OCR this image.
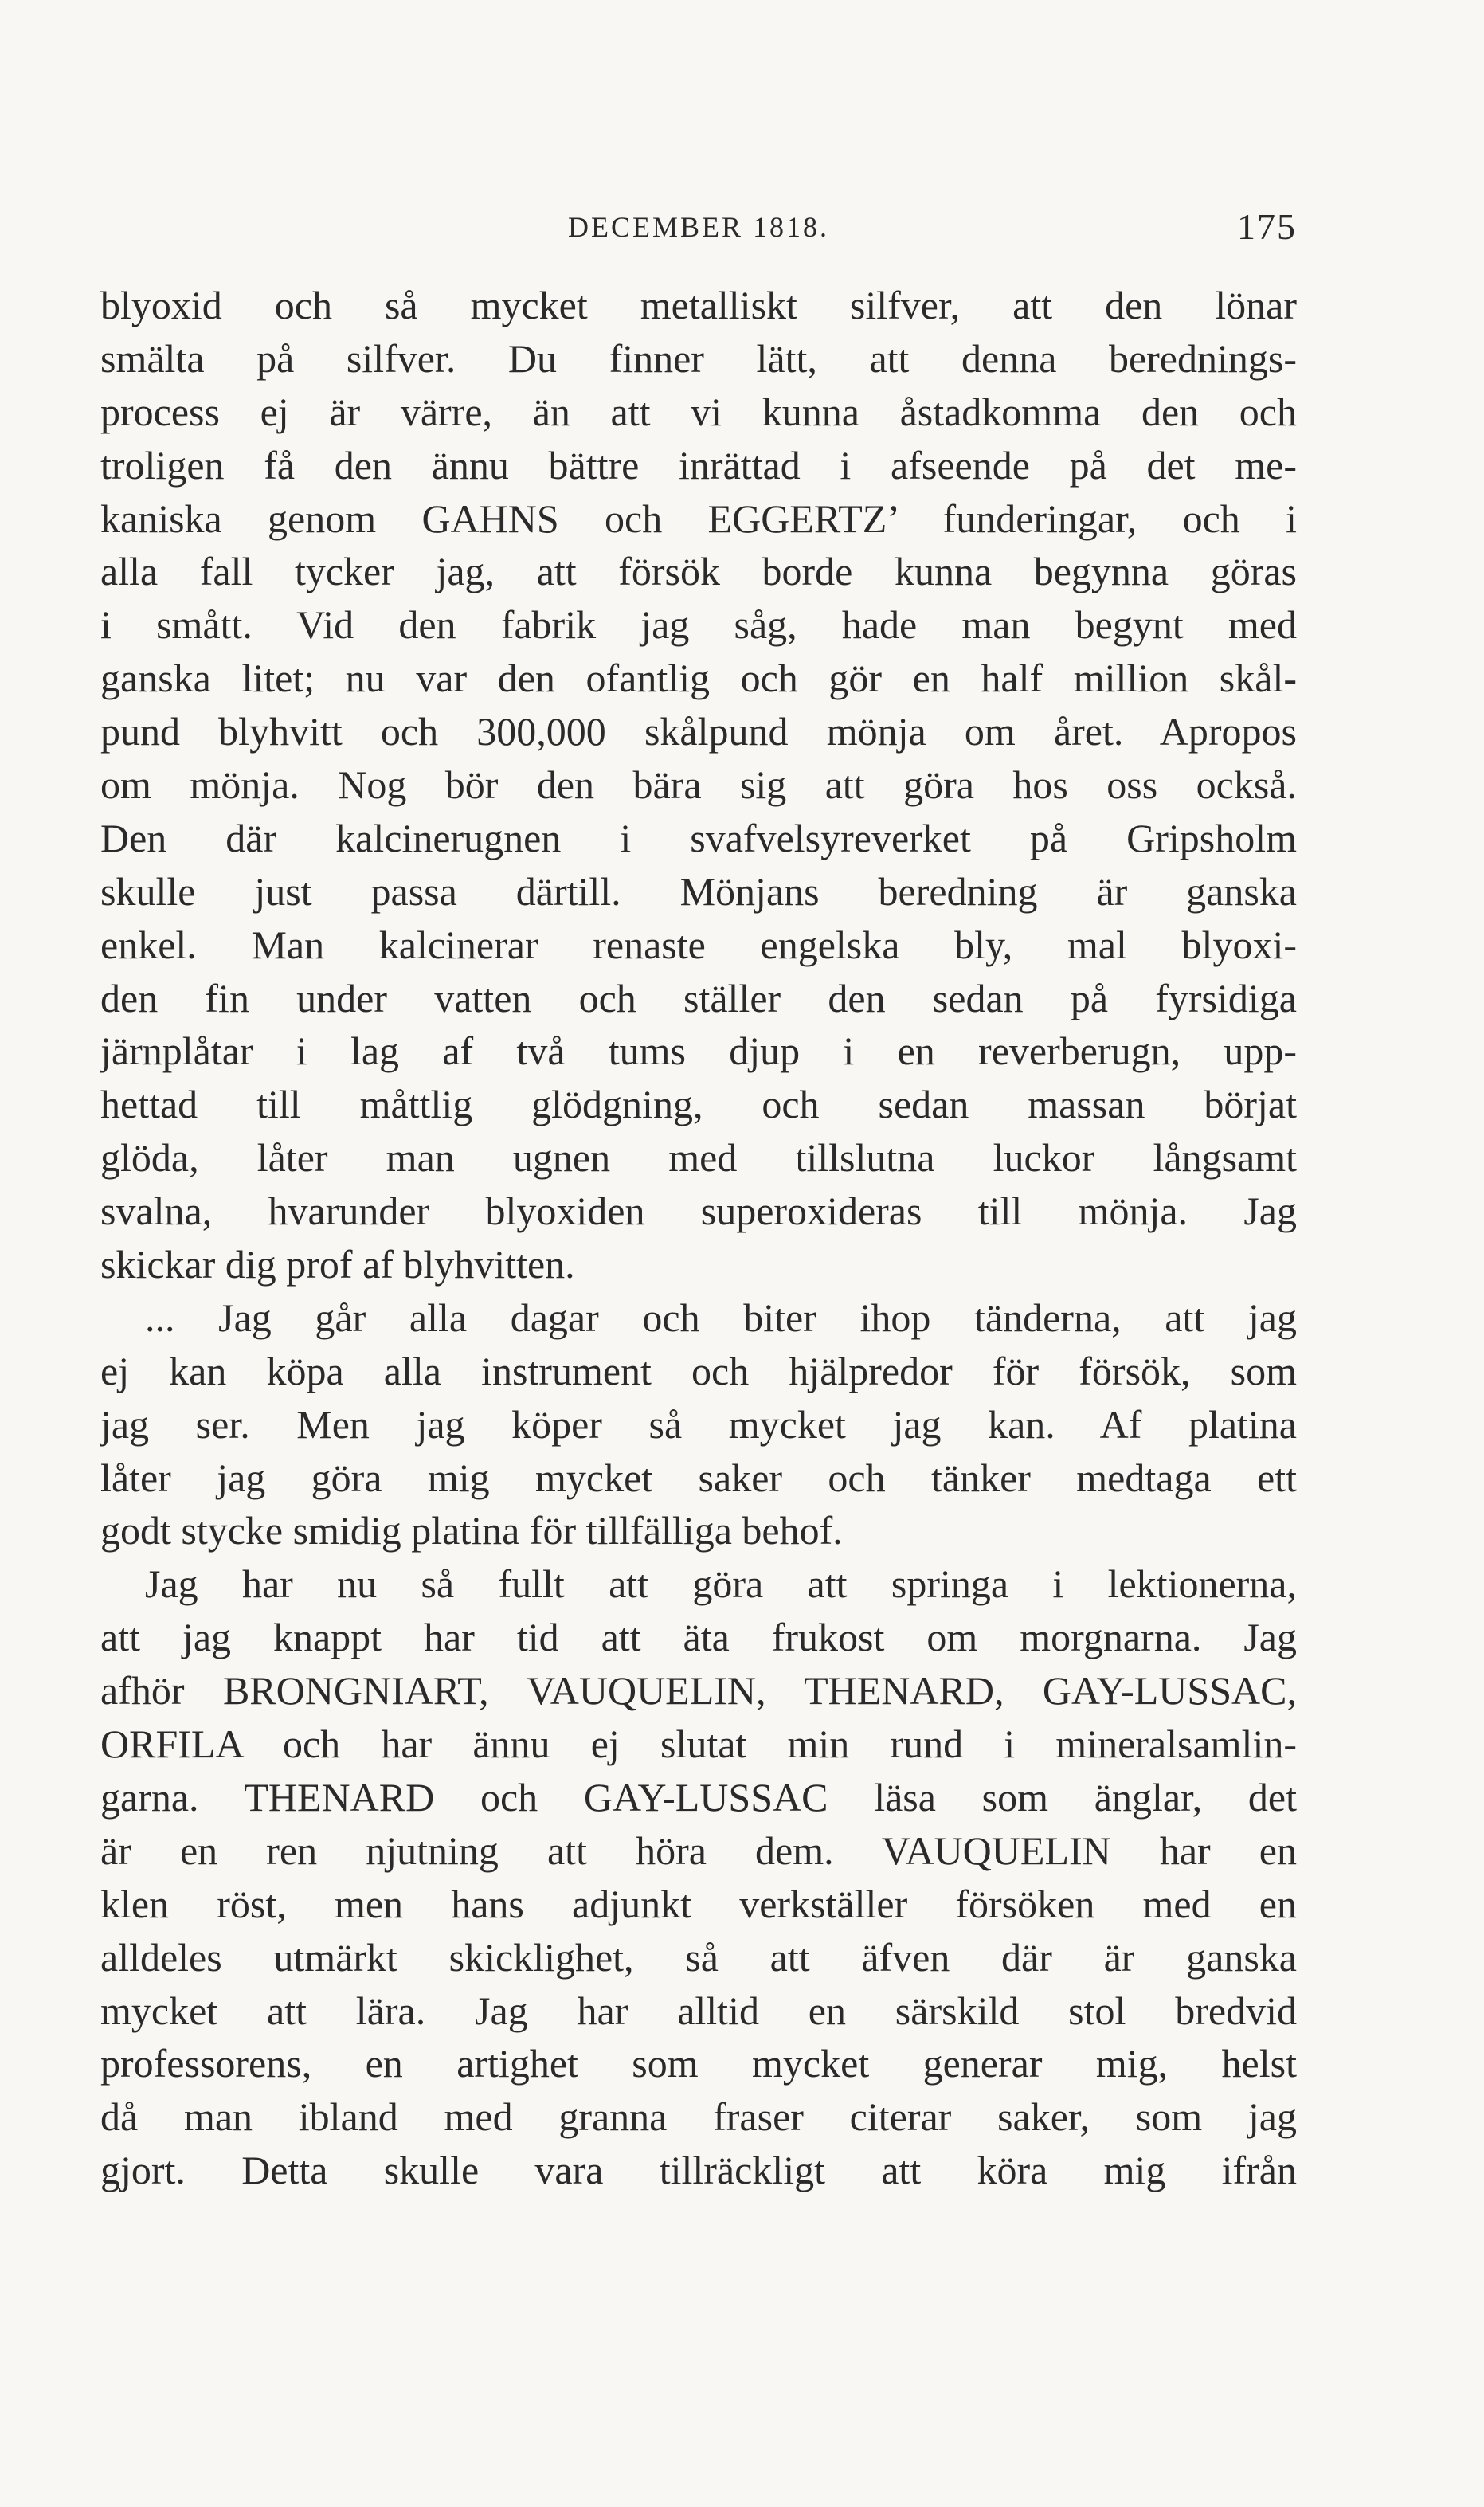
DECEMBER 1818.	175
blyoxid och så mycket metalliskt silfver, att den lönar
smälta på silfver. Du finner lätt, att denna berednings-
process ej är värre, än att vi kunna åstadkomma den och
troligen få den ännu bättre inrättad i afseende på det me-
kaniska genom GAHNS och EGGERTZ’ funderingar, och i
alla fall tycker jag, att försök borde kunna begynna göras
i smått. Vid den fabrik jag såg, hade man begynt med
ganska litet; nu var den ofantlig och gör en half million skål-
pund blyhvitt och 300,000 skålpund mönja om året. Apropos
om mönja. Nog bör den bära sig att göra hos oss också.
Den där kalcinerugnen i svafvelsyreverket på Gripsholm
skulle just passa därtill. Mönjans beredning är ganska
enkel. Man kalcinerar renaste engelska bly, mal blyoxi-
den fin under vatten och ställer den sedan på fyrsidiga
järnplåtar i lag af två tums djup i en reverberugn, upp-
hettad till måttlig glödgning, och sedan massan börjat
glöda, låter man ugnen med tillslutna luckor långsamt
svalna, hvarunder blyoxiden superoxideras till mönja. Jag
skickar dig prof af blyhvitten.
... Jag går alla dagar och biter ihop tänderna, att jag
ej kan köpa alla instrument och hjälpredor för försök, som
jag ser. Men jag köper så mycket jag kan. Af platina
låter jag göra mig mycket saker och tänker medtaga ett
godt stycke smidig platina för tillfälliga behof.
Jag har nu så fullt att göra att springa i lektionerna,
att jag knappt har tid att äta frukost om morgnarna. Jag
afhör BRONGNIART, VAUQUELIN, THENARD, GAY-LUSSAC,
ORFILA och har ännu ej slutat min rund i mineralsamlin-
garna. THENARD och GAY-LUSSAC läsa som änglar, det
är en ren njutning att höra dem. VAUQUELIN har en
klen röst, men hans adjunkt verkställer försöken med en
alldeles utmärkt skicklighet, så att äfven där är ganska
mycket att lära. Jag har alltid en särskild stol bredvid
professorens, en artighet som mycket generar mig, helst
då man ibland med granna fraser citerar saker, som jag
gjort. Detta skulle vara tillräckligt att köra mig ifrån
